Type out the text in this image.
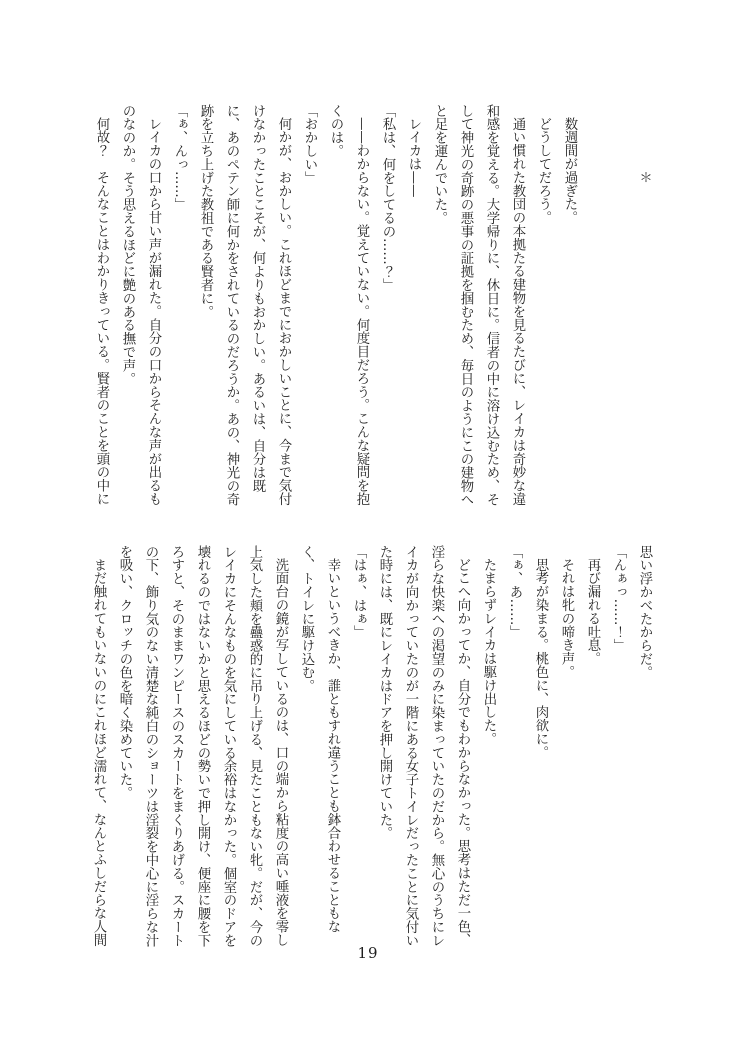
＊

数週間が過ぎた。

どうしてだろう。

通い慣れた教団の本拠たる建物を見るたびに、レイカは奇妙な違和感を覚える。大学帰りに、休日に。信者の中に溶け込むため、そして神光の奇跡の悪事の証拠を掴むため、毎日のようにこの建物へと足を運んでいた。

レイカは——

「私は、何をしてるの……？」

——わからない。覚えていない。何度目だろう。こんな疑問を抱くのは。

「おかしい」

何かが、おかしい。これほどまでにおかしいことに、今まで気付けなかったことこそが、何よりもおかしい。あるいは、自分は既に、あのペテン師に何かをされているのだろうか。あの、神光の奇跡を立ち上げた教祖である賢者に。

「ぁ、んっ……」

レイカの口から甘い声が漏れた。自分の口からそんな声が出るものなのか。そう思えるほどに艶のある撫で声。

何故？　そんなことはわかりきっている。賢者のことを頭の中に

思い浮かべたからだ。

「んぁっ……！」

再び漏れる吐息。

それは牝の啼き声。

思考が染まる。桃色に、肉欲に。

「ぁ、あ……」

たまらずレイカは駆け出した。

どこへ向かってか、自分でもわからなかった。思考はただ一色、淫らな快楽への渇望のみに染まっていたのだから。無心のうちにレイカが向かっていたのが一階にある女子トイレだったことに気付いた時には、既にレイカはドアを押し開けていた。

「はぁ、はぁ」

幸いというべきか、誰ともすれ違うことも鉢合わせることもなく、トイレに駆け込む。

洗面台の鏡が写しているのは、口の端から粘度の高い唾液を零し上気した頬を蠱惑的に吊り上げる、見たこともない牝。だが、今のレイカにそんなものを気にしている余裕はなかった。個室のドアを壊れるのではないかと思えるほどの勢いで押し開け、便座に腰を下ろすと、そのままワンピースのスカートをまくりあげる。スカートの下、飾り気のない清楚な純白のショーツは淫裂を中心に淫らな汁を吸い、クロッチの色を暗く染めていた。

まだ触れてもいないのにこれほど濡れて、なんとふしだらな人間

19
